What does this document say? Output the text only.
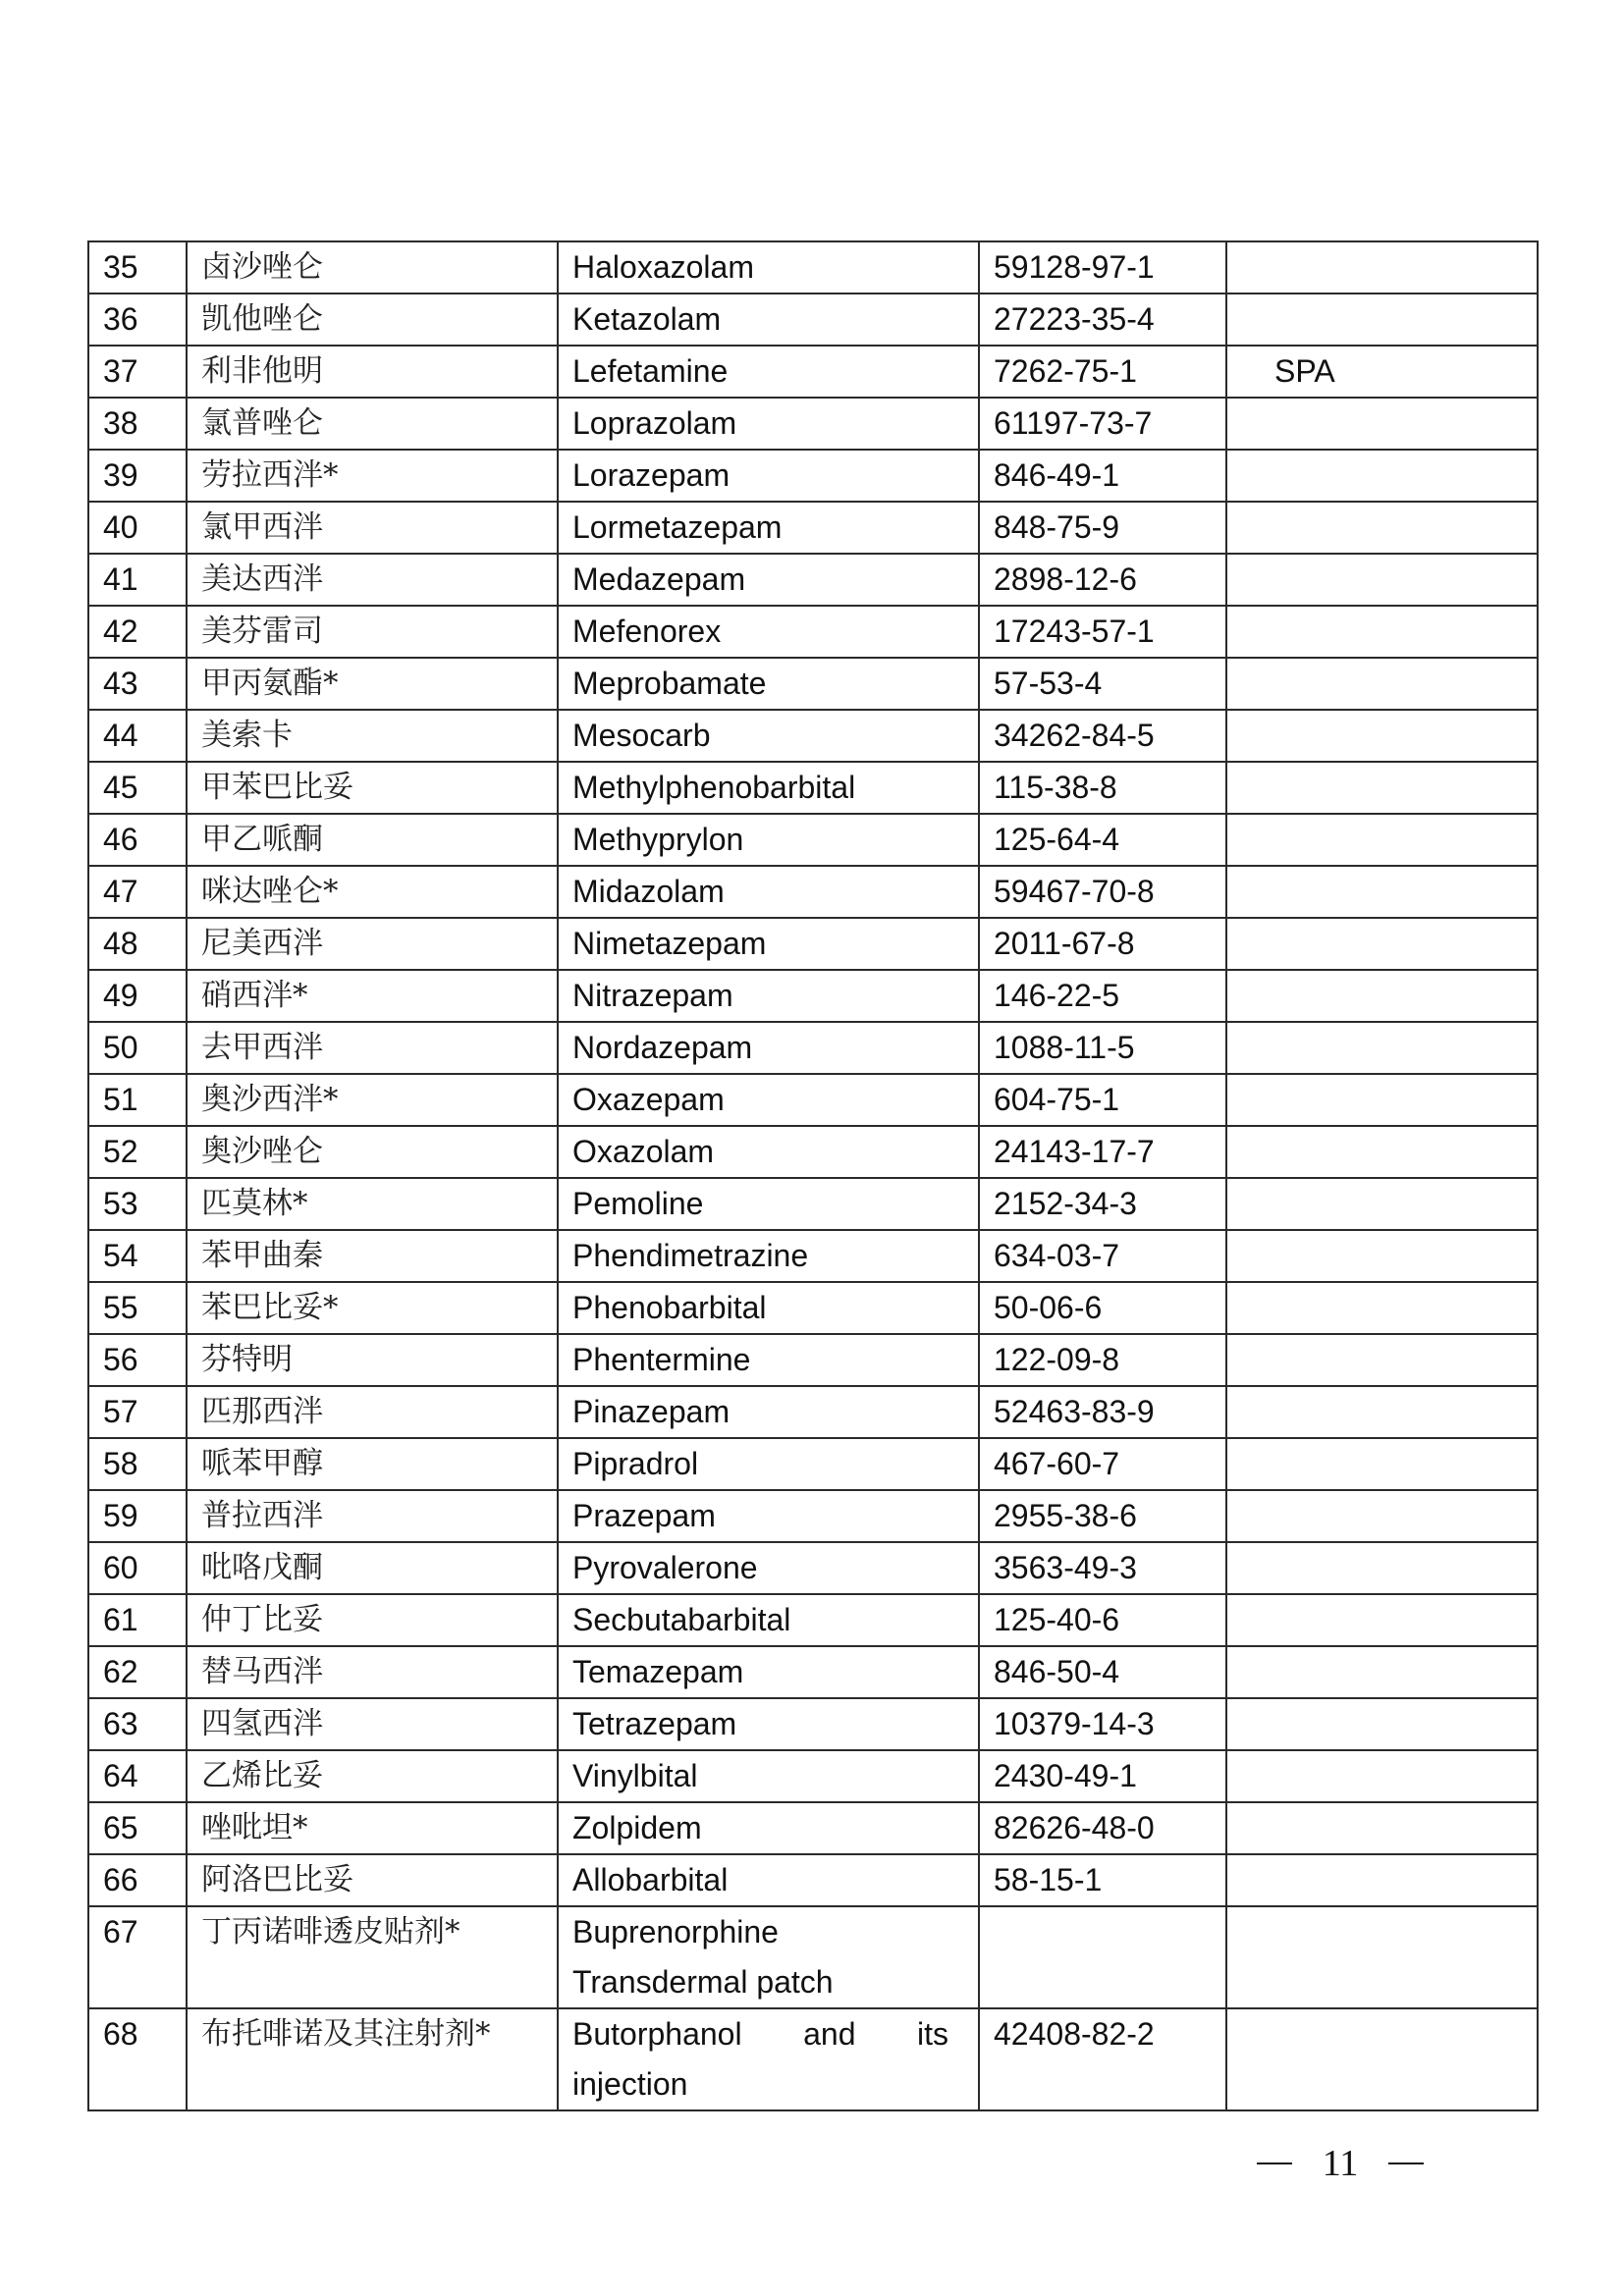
35	卤沙唑仑	Haloxazolam	59128-97-1	
36	凯他唑仑	Ketazolam	27223-35-4	
37	利非他明	Lefetamine	7262-75-1	SPA
38	氯普唑仑	Loprazolam	61197-73-7	
39	劳拉西泮*	Lorazepam	846-49-1	
40	氯甲西泮	Lormetazepam	848-75-9	
41	美达西泮	Medazepam	2898-12-6	
42	美芬雷司	Mefenorex	17243-57-1	
43	甲丙氨酯*	Meprobamate	57-53-4	
44	美索卡	Mesocarb	34262-84-5	
45	甲苯巴比妥	Methylphenobarbital	115-38-8	
46	甲乙哌酮	Methyprylon	125-64-4	
47	咪达唑仑*	Midazolam	59467-70-8	
48	尼美西泮	Nimetazepam	2011-67-8	
49	硝西泮*	Nitrazepam	146-22-5	
50	去甲西泮	Nordazepam	1088-11-5	
51	奥沙西泮*	Oxazepam	604-75-1	
52	奥沙唑仑	Oxazolam	24143-17-7	
53	匹莫林*	Pemoline	2152-34-3	
54	苯甲曲秦	Phendimetrazine	634-03-7	
55	苯巴比妥*	Phenobarbital	50-06-6	
56	芬特明	Phentermine	122-09-8	
57	匹那西泮	Pinazepam	52463-83-9	
58	哌苯甲醇	Pipradrol	467-60-7	
59	普拉西泮	Prazepam	2955-38-6	
60	吡咯戊酮	Pyrovalerone	3563-49-3	
61	仲丁比妥	Secbutabarbital	125-40-6	
62	替马西泮	Temazepam	846-50-4	
63	四氢西泮	Tetrazepam	10379-14-3	
64	乙烯比妥	Vinylbital	2430-49-1	
65	唑吡坦*	Zolpidem	82626-48-0	
66	阿洛巴比妥	Allobarbital	58-15-1	
67	丁丙诺啡透皮贴剂*	Buprenorphine
Transdermal patch		

68	布托啡诺及其注射剂*	Butorphanol and its
injection	42408-82-2	
11
